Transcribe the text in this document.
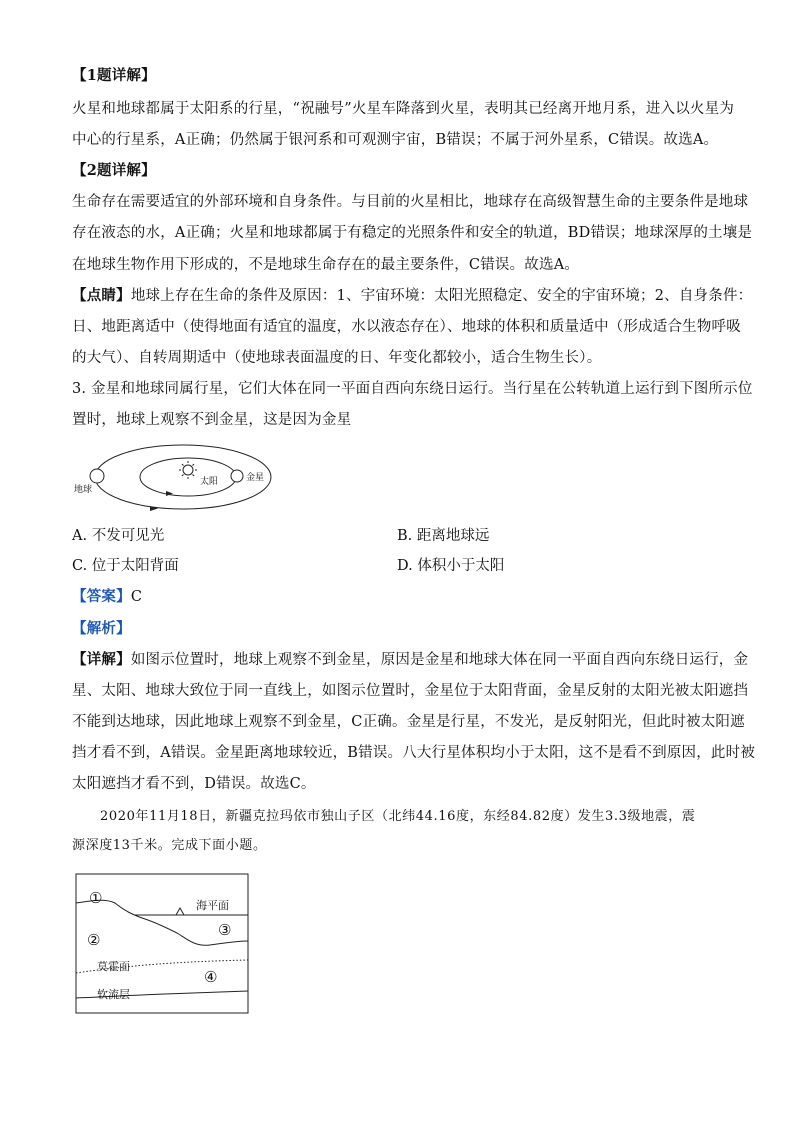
【1题详解】
火星和地球都属于太阳系的行星，“祝融号”火星车降落到火星，表明其已经离开地月系，进入以火星为
中心的行星系，A正确；仍然属于银河系和可观测宇宙，B错误；不属于河外星系，C错误。故选A。
【2题详解】
生命存在需要适宜的外部环境和自身条件。与目前的火星相比，地球存在高级智慧生命的主要条件是地球
存在液态的水，A正确；火星和地球都属于有稳定的光照条件和安全的轨道，BD错误；地球深厚的土壤是
在地球生物作用下形成的，不是地球生命存在的最主要条件，C错误。故选A。
【点睛】地球上存在生命的条件及原因：1、宇宙环境：太阳光照稳定、安全的宇宙环境；2、自身条件：
日、地距离适中（使得地面有适宜的温度，水以液态存在）、地球的体积和质量适中（形成适合生物呼吸
的大气）、自转周期适中（使地球表面温度的日、年变化都较小，适合生物生长）。
3. 金星和地球同属行星，它们大体在同一平面自西向东绕日运行。当行星在公转轨道上运行到下图所示位
置时，地球上观察不到金星，这是因为金星
地球
太阳	金星
A. 不发可见光	B. 距离地球远
C. 位于太阳背面	D. 体积小于太阳
【答案】C
【解析】
【详解】如图示位置时，地球上观察不到金星，原因是金星和地球大体在同一平面自西向东绕日运行，金
星、太阳、地球大致位于同一直线上，如图示位置时，金星位于太阳背面，金星反射的太阳光被太阳遮挡
不能到达地球，因此地球上观察不到金星，C正确。金星是行星，不发光，是反射阳光，但此时被太阳遮
挡才看不到，A错误。金星距离地球较近，B错误。八大行星体积均小于太阳，这不是看不到原因，此时被
太阳遮挡才看不到，D错误。故选C。
2020年11月18日，新疆克拉玛依市独山子区（北纬44.16度，东经84.82度）发生3.3级地震，震
源深度13千米。完成下面小题。
①
②
③
④
海平面
莫霍面
软流层
